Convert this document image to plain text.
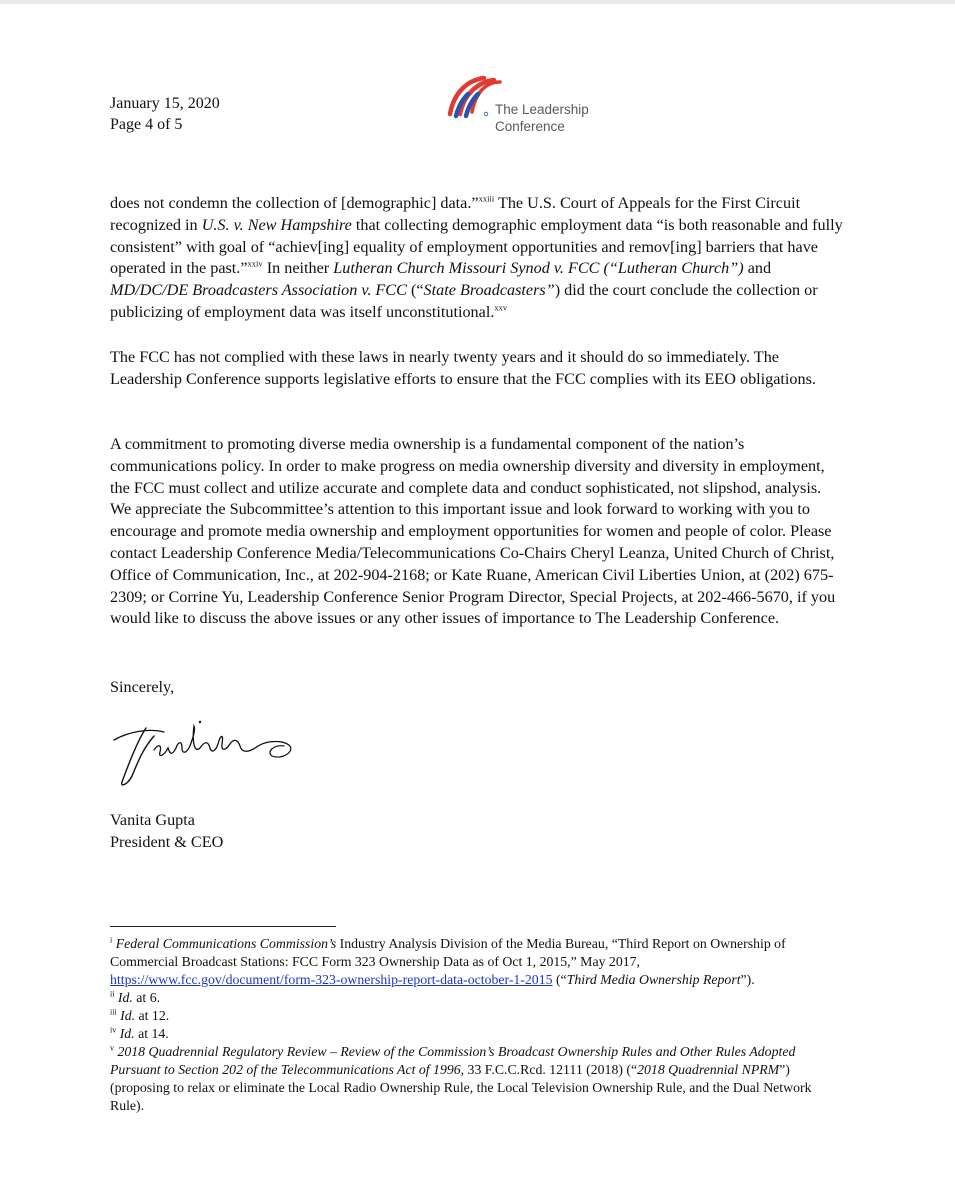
January 15, 2020
Page 4 of 5
The Leadership
Conference
does not condemn the collection of [demographic] data.”$^{xxiii}$ The U.S. Court of Appeals for the First Circuit recognized in U.S. v. New Hampshire that collecting demographic employment data “is both reasonable and fully consistent” with goal of “achiev[ing] equality of employment opportunities and remov[ing] barriers that have operated in the past.”$^{xxiv}$ In neither Lutheran Church Missouri Synod v. FCC (“Lutheran Church”) and MD/DC/DE Broadcasters Association v. FCC (“State Broadcasters”) did the court conclude the collection or publicizing of employment data was itself unconstitutional.$^{xxv}$
The FCC has not complied with these laws in nearly twenty years and it should do so immediately. The Leadership Conference supports legislative efforts to ensure that the FCC complies with its EEO obligations.
A commitment to promoting diverse media ownership is a fundamental component of the nation’s communications policy. In order to make progress on media ownership diversity and diversity in employment, the FCC must collect and utilize accurate and complete data and conduct sophisticated, not slipshod, analysis. We appreciate the Subcommittee’s attention to this important issue and look forward to working with you to encourage and promote media ownership and employment opportunities for women and people of color. Please contact Leadership Conference Media/Telecommunications Co-Chairs Cheryl Leanza, United Church of Christ, Office of Communication, Inc., at 202-904-2168; or Kate Ruane, American Civil Liberties Union, at (202) 675-2309; or Corrine Yu, Leadership Conference Senior Program Director, Special Projects, at 202-466-5670, if you would like to discuss the above issues or any other issues of importance to The Leadership Conference.
Sincerely,
Vanita Gupta
President & CEO

$^i$ Federal Communications Commission’s Industry Analysis Division of the Media Bureau, “Third Report on Ownership of Commercial Broadcast Stations: FCC Form 323 Ownership Data as of Oct 1, 2015,” May 2017, https://www.fcc.gov/document/form-323-ownership-report-data-october-1-2015 (“Third Media Ownership Report”).

$^{ii}$ Id. at 6.

$^{iii}$ Id. at 12.

$^{iv}$ Id. at 14.

$^v$ 2018 Quadrennial Regulatory Review – Review of the Commission’s Broadcast Ownership Rules and Other Rules Adopted Pursuant to Section 202 of the Telecommunications Act of 1996, 33 F.C.C.Rcd. 12111 (2018) (“2018 Quadrennial NPRM”) (proposing to relax or eliminate the Local Radio Ownership Rule, the Local Television Ownership Rule, and the Dual Network Rule).
